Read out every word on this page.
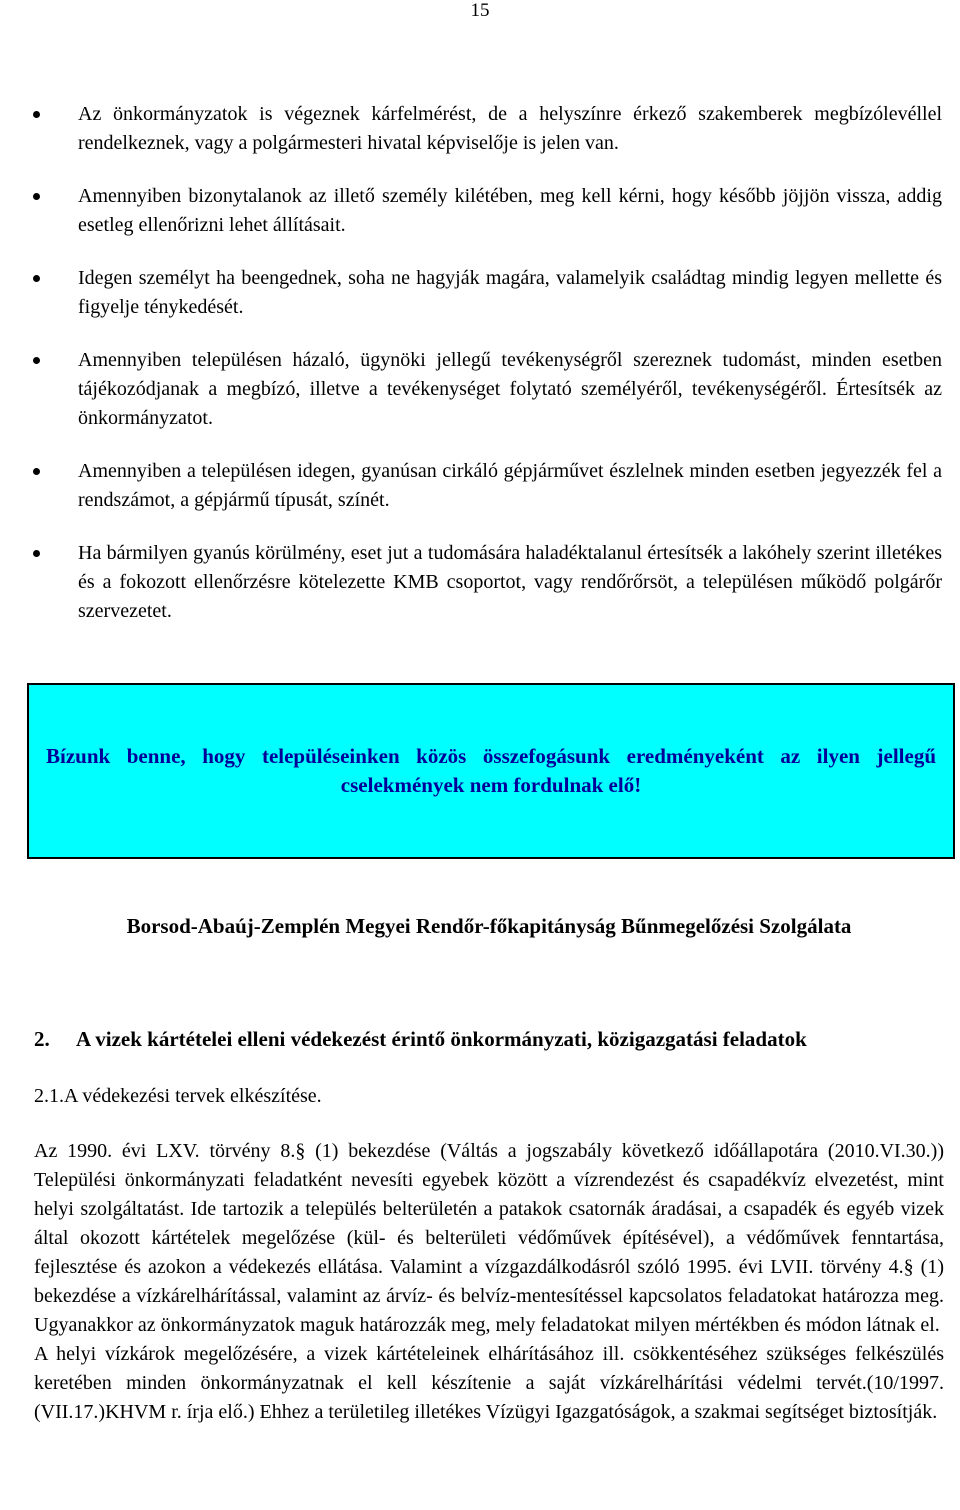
15
Az önkormányzatok is végeznek kárfelmérést, de a helyszínre érkező szakemberek megbízólevéllel rendelkeznek, vagy a polgármesteri hivatal képviselője is jelen van.
Amennyiben bizonytalanok az illető személy kilétében, meg kell kérni, hogy később jöjjön vissza, addig esetleg ellenőrizni lehet állításait.
Idegen személyt ha beengednek, soha ne hagyják magára, valamelyik családtag mindig legyen mellette és figyelje ténykedését.
Amennyiben településen házaló, ügynöki jellegű tevékenységről szereznek tudomást, minden esetben tájékozódjanak a megbízó, illetve a tevékenységet folytató személyéről, tevékenységéről. Értesítsék az önkormányzatot.
Amennyiben a településen idegen, gyanúsan cirkáló gépjárművet észlelnek minden esetben jegyezzék fel a rendszámot, a gépjármű típusát, színét.
Ha bármilyen gyanús körülmény, eset jut a tudomására haladéktalanul értesítsék a lakóhely szerint illetékes és a fokozott ellenőrzésre kötelezette KMB csoportot, vagy rendőrőrsöt, a településen működő polgárőr szervezetet.
Bízunk benne, hogy településeinken közös összefogásunk eredményeként az ilyen jellegű cselekmények nem fordulnak elő!
Borsod-Abaúj-Zemplén Megyei Rendőr-főkapitányság Bűnmegelőzési Szolgálata
2. A vizek kártételei elleni védekezést érintő önkormányzati, közigazgatási feladatok
2.1.A védekezési tervek elkészítése.

Az 1990. évi LXV. törvény 8.§ (1) bekezdése (Váltás a jogszabály következő időállapotára (2010.VI.30.)) Települési önkormányzati feladatként nevesíti egyebek között a vízrendezést és csapadékvíz elvezetést, mint helyi szolgáltatást. Ide tartozik a település belterületén a patakok csatornák áradásai, a csapadék és egyéb vizek által okozott kártételek megelőzése (kül- és belterületi védőművek építésével), a védőművek fenntartása, fejlesztése és azokon a védekezés ellátása. Valamint a vízgazdálkodásról szóló 1995. évi LVII. törvény 4.§ (1) bekezdése a vízkárelhárítással, valamint az árvíz- és belvíz-mentesítéssel kapcsolatos feladatokat határozza meg. Ugyanakkor az önkormányzatok maguk határozzák meg, mely feladatokat milyen mértékben és módon látnak el.

A helyi vízkárok megelőzésére, a vizek kártételeinek elhárításához ill. csökkentéséhez szükséges felkészülés keretében minden önkormányzatnak el kell készítenie a saját vízkárelhárítási védelmi tervét.(10/1997. (VII.17.)KHVM r. írja elő.) Ehhez a területileg illetékes Vízügyi Igazgatóságok, a szakmai segítséget biztosítják.
